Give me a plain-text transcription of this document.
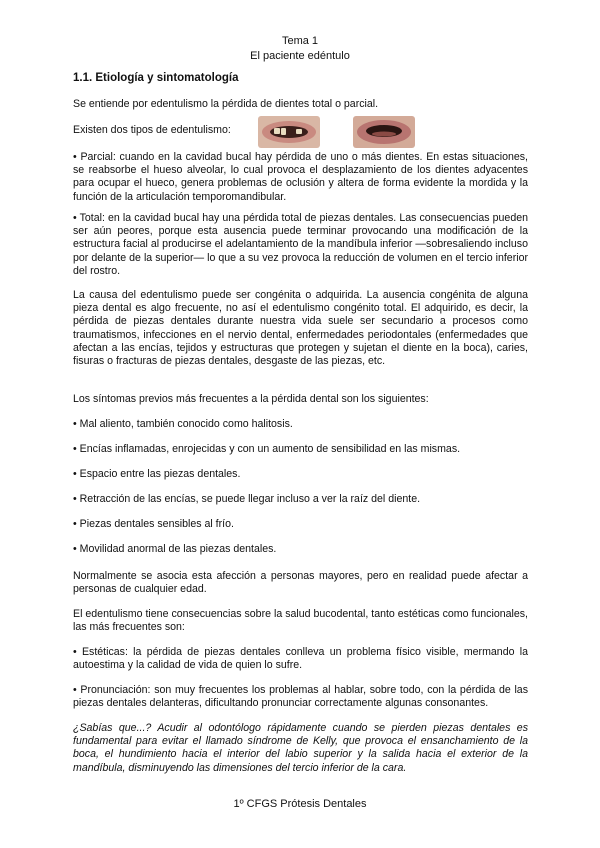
Tema 1
El paciente edéntulo
1.1. Etiología y sintomatología
Se entiende por edentulismo la pérdida de dientes total o parcial.
Existen dos tipos de edentulismo:
• Parcial: cuando en la cavidad bucal hay pérdida de uno o más dientes. En estas situaciones, se reabsorbe el hueso alveolar, lo cual provoca el desplazamiento de los dientes adyacentes para ocupar el hueco, genera problemas de oclusión y altera de forma evidente la mordida y la función de la articulación temporomandibular.
• Total: en la cavidad bucal hay una pérdida total de piezas dentales. Las consecuencias pueden ser aún peores, porque esta ausencia puede terminar provocando una modificación de la estructura facial al producirse el adelantamiento de la mandíbula inferior —sobresaliendo incluso por delante de la superior— lo que a su vez provoca la reducción de volumen en el tercio inferior del rostro.
La causa del edentulismo puede ser congénita o adquirida. La ausencia congénita de alguna pieza dental es algo frecuente, no así el edentulismo congénito total. El adquirido, es decir, la pérdida de piezas dentales durante nuestra vida suele ser secundario a procesos como traumatismos, infecciones en el nervio dental, enfermedades periodontales (enfermedades que afectan a las encías, tejidos y estructuras que protegen y sujetan el diente en la boca), caries, fisuras o fracturas de piezas dentales, desgaste de las piezas, etc.
Los síntomas previos más frecuentes a la pérdida dental son los siguientes:
• Mal aliento, también conocido como halitosis.
• Encías inflamadas, enrojecidas y con un aumento de sensibilidad en las mismas.
• Espacio entre las piezas dentales.
• Retracción de las encías, se puede llegar incluso a ver la raíz del diente.
• Piezas dentales sensibles al frío.
• Movilidad anormal de las piezas dentales.
Normalmente se asocia esta afección a personas mayores, pero en realidad puede afectar a personas de cualquier edad.
El edentulismo tiene consecuencias sobre la salud bucodental, tanto estéticas como funcionales, las más frecuentes son:
• Estéticas: la pérdida de piezas dentales conlleva un problema físico visible, mermando la autoestima y la calidad de vida de quien lo sufre.
• Pronunciación: son muy frecuentes los problemas al hablar, sobre todo, con la pérdida de las piezas dentales delanteras, dificultando pronunciar correctamente algunas consonantes.
¿Sabías que...? Acudir al odontólogo rápidamente cuando se pierden piezas dentales es fundamental para evitar el llamado síndrome de Kelly, que provoca el ensanchamiento de la boca, el hundimiento hacia el interior del labio superior y la salida hacia el exterior de la mandíbula, disminuyendo las dimensiones del tercio inferior de la cara.
1º CFGS Prótesis Dentales
